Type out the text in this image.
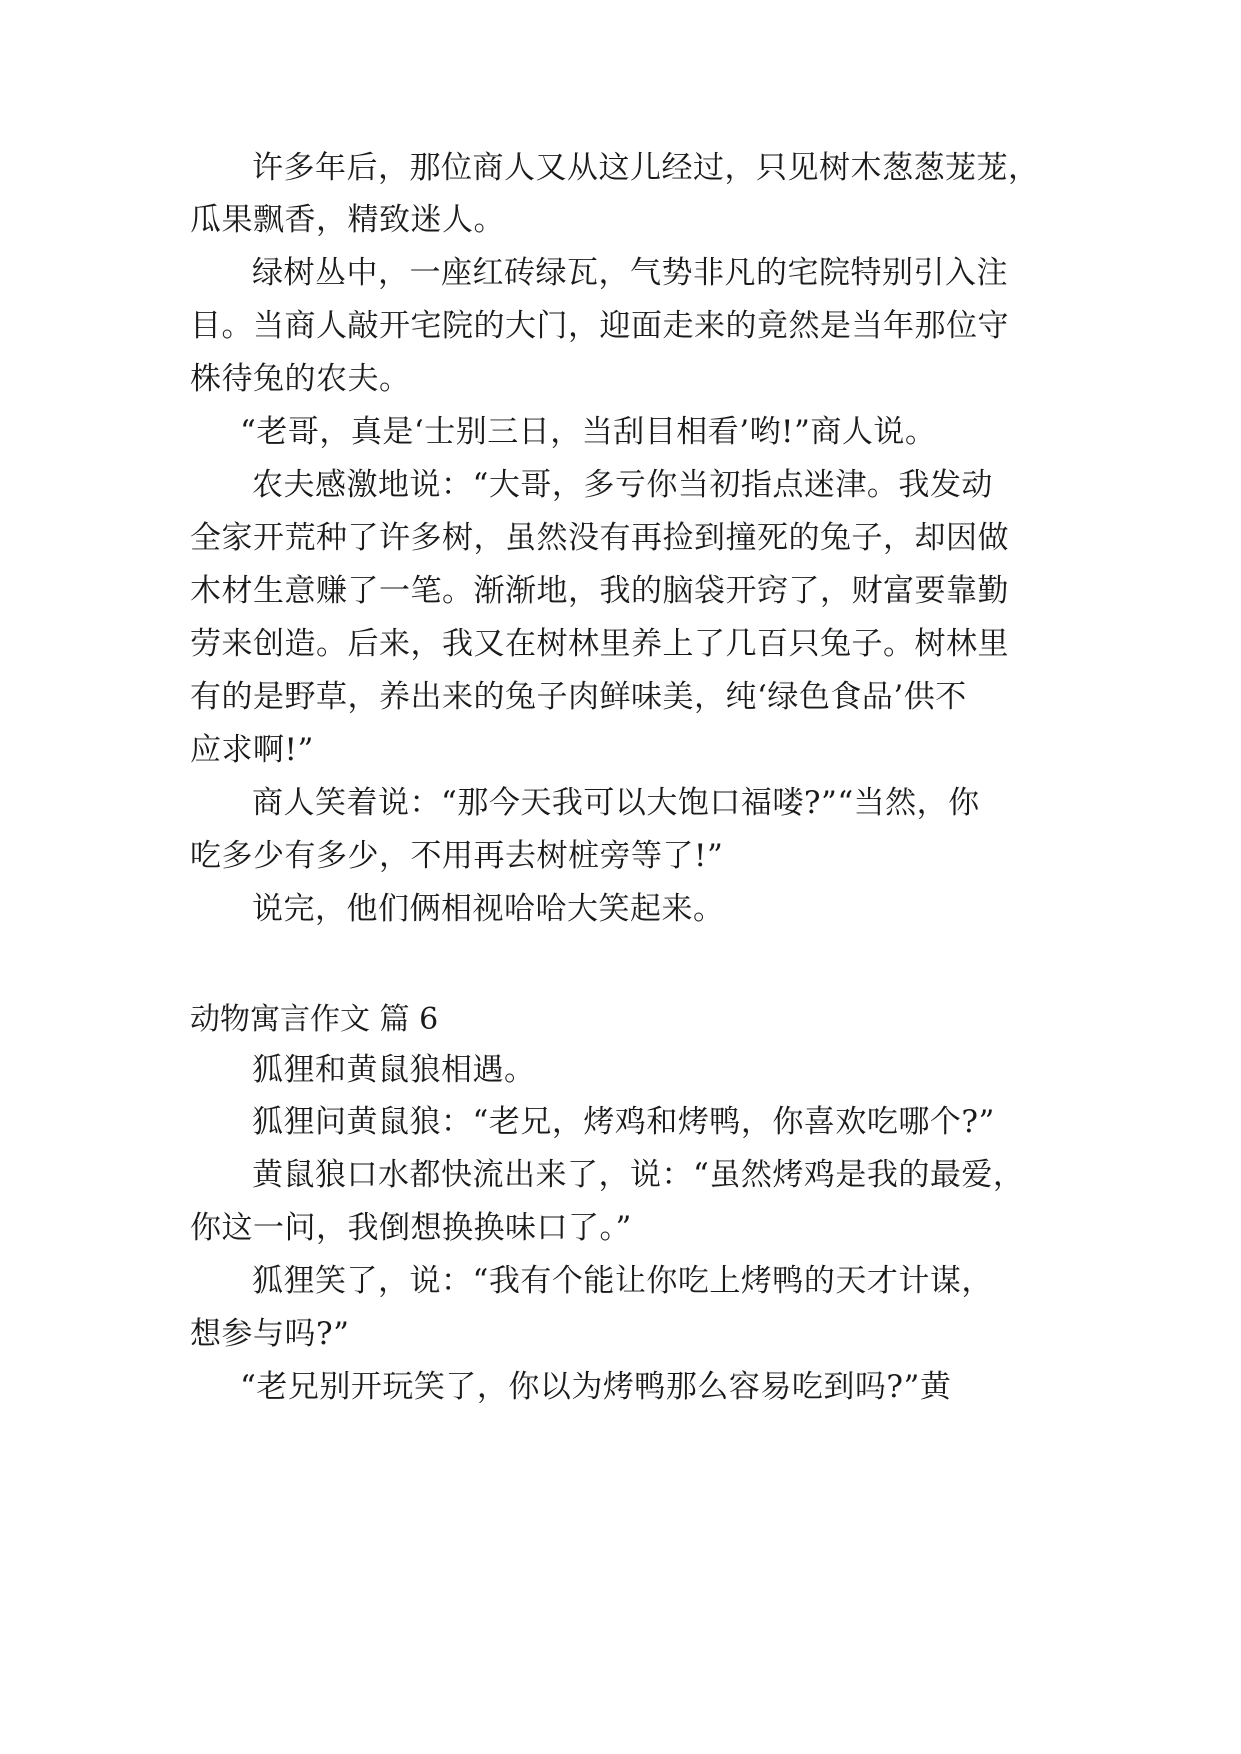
许多年后，那位商人又从这儿经过，只见树木葱葱茏茏，
瓜果飘香，精致迷人。
绿树丛中，一座红砖绿瓦，气势非凡的宅院特别引入注
目。当商人敲开宅院的大门，迎面走来的竟然是当年那位守
株待兔的农夫。
“老哥，真是‘士别三日，当刮目相看’哟!”商人说。
农夫感激地说：“大哥，多亏你当初指点迷津。我发动
全家开荒种了许多树，虽然没有再捡到撞死的兔子，却因做
木材生意赚了一笔。渐渐地，我的脑袋开窍了，财富要靠勤
劳来创造。后来，我又在树林里养上了几百只兔子。树林里
有的是野草，养出来的兔子肉鲜味美，纯‘绿色食品’供不
应求啊!”
商人笑着说：“那今天我可以大饱口福喽?”“当然，你
吃多少有多少，不用再去树桩旁等了!”
说完，他们俩相视哈哈大笑起来。
动物寓言作文 篇 6
狐狸和黄鼠狼相遇。
狐狸问黄鼠狼：“老兄，烤鸡和烤鸭，你喜欢吃哪个?”
黄鼠狼口水都快流出来了，说：“虽然烤鸡是我的最爱，
你这一问，我倒想换换味口了。”
狐狸笑了，说：“我有个能让你吃上烤鸭的天才计谋，
想参与吗?”
“老兄别开玩笑了，你以为烤鸭那么容易吃到吗?”黄
